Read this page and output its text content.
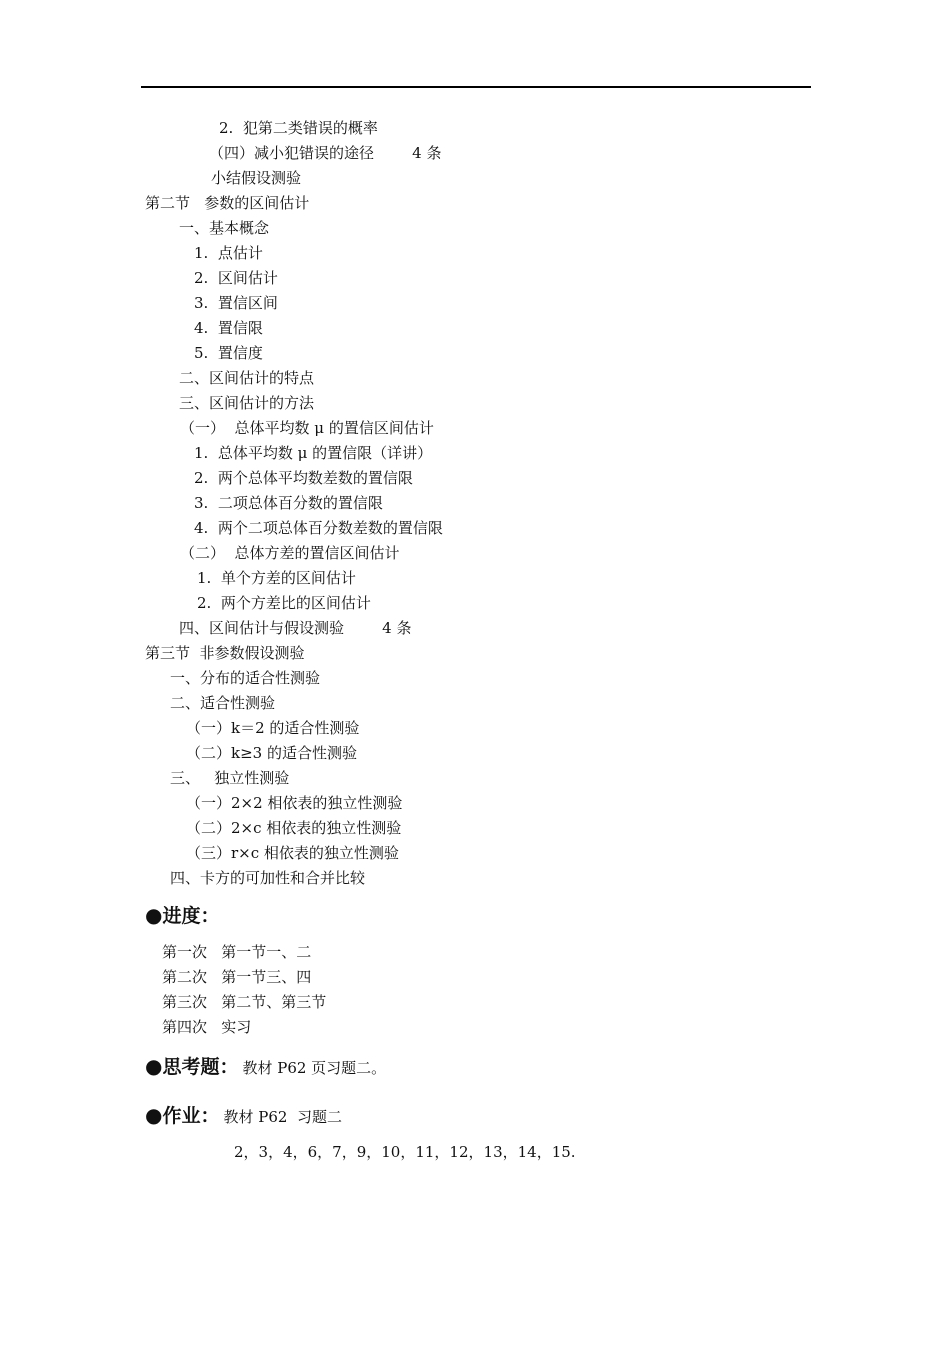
2.  犯第二类错误的概率
（四）减小犯错误的途径        4 条
小结假设测验
第二节   参数的区间估计
一、基本概念
1.  点估计
2.  区间估计
3.  置信区间
4.  置信限
5.  置信度
二、区间估计的特点
三、区间估计的方法
（一）  总体平均数 μ 的置信区间估计
1.  总体平均数 μ 的置信限（详讲）
2.  两个总体平均数差数的置信限
3.  二项总体百分数的置信限
4.  两个二项总体百分数差数的置信限
（二）  总体方差的置信区间估计
1.  单个方差的区间估计
2.  两个方差比的区间估计
四、区间估计与假设测验        4 条
第三节  非参数假设测验
一、分布的适合性测验
二、适合性测验
（一）k＝2 的适合性测验
（二）k≥3 的适合性测验
三、   独立性测验
（一）2×2 相依表的独立性测验
（二）2×c 相依表的独立性测验
（三）r×c 相依表的独立性测验
四、卡方的可加性和合并比较
●进度：
第一次   第一节一、二
第二次   第一节三、四
第三次   第二节、第三节
第四次   实习
●思考题： 教材 P62 页习题二。
●作业： 教材 P62  习题二
2，3，4，6，7，9，10，11，12，13，14，15.
